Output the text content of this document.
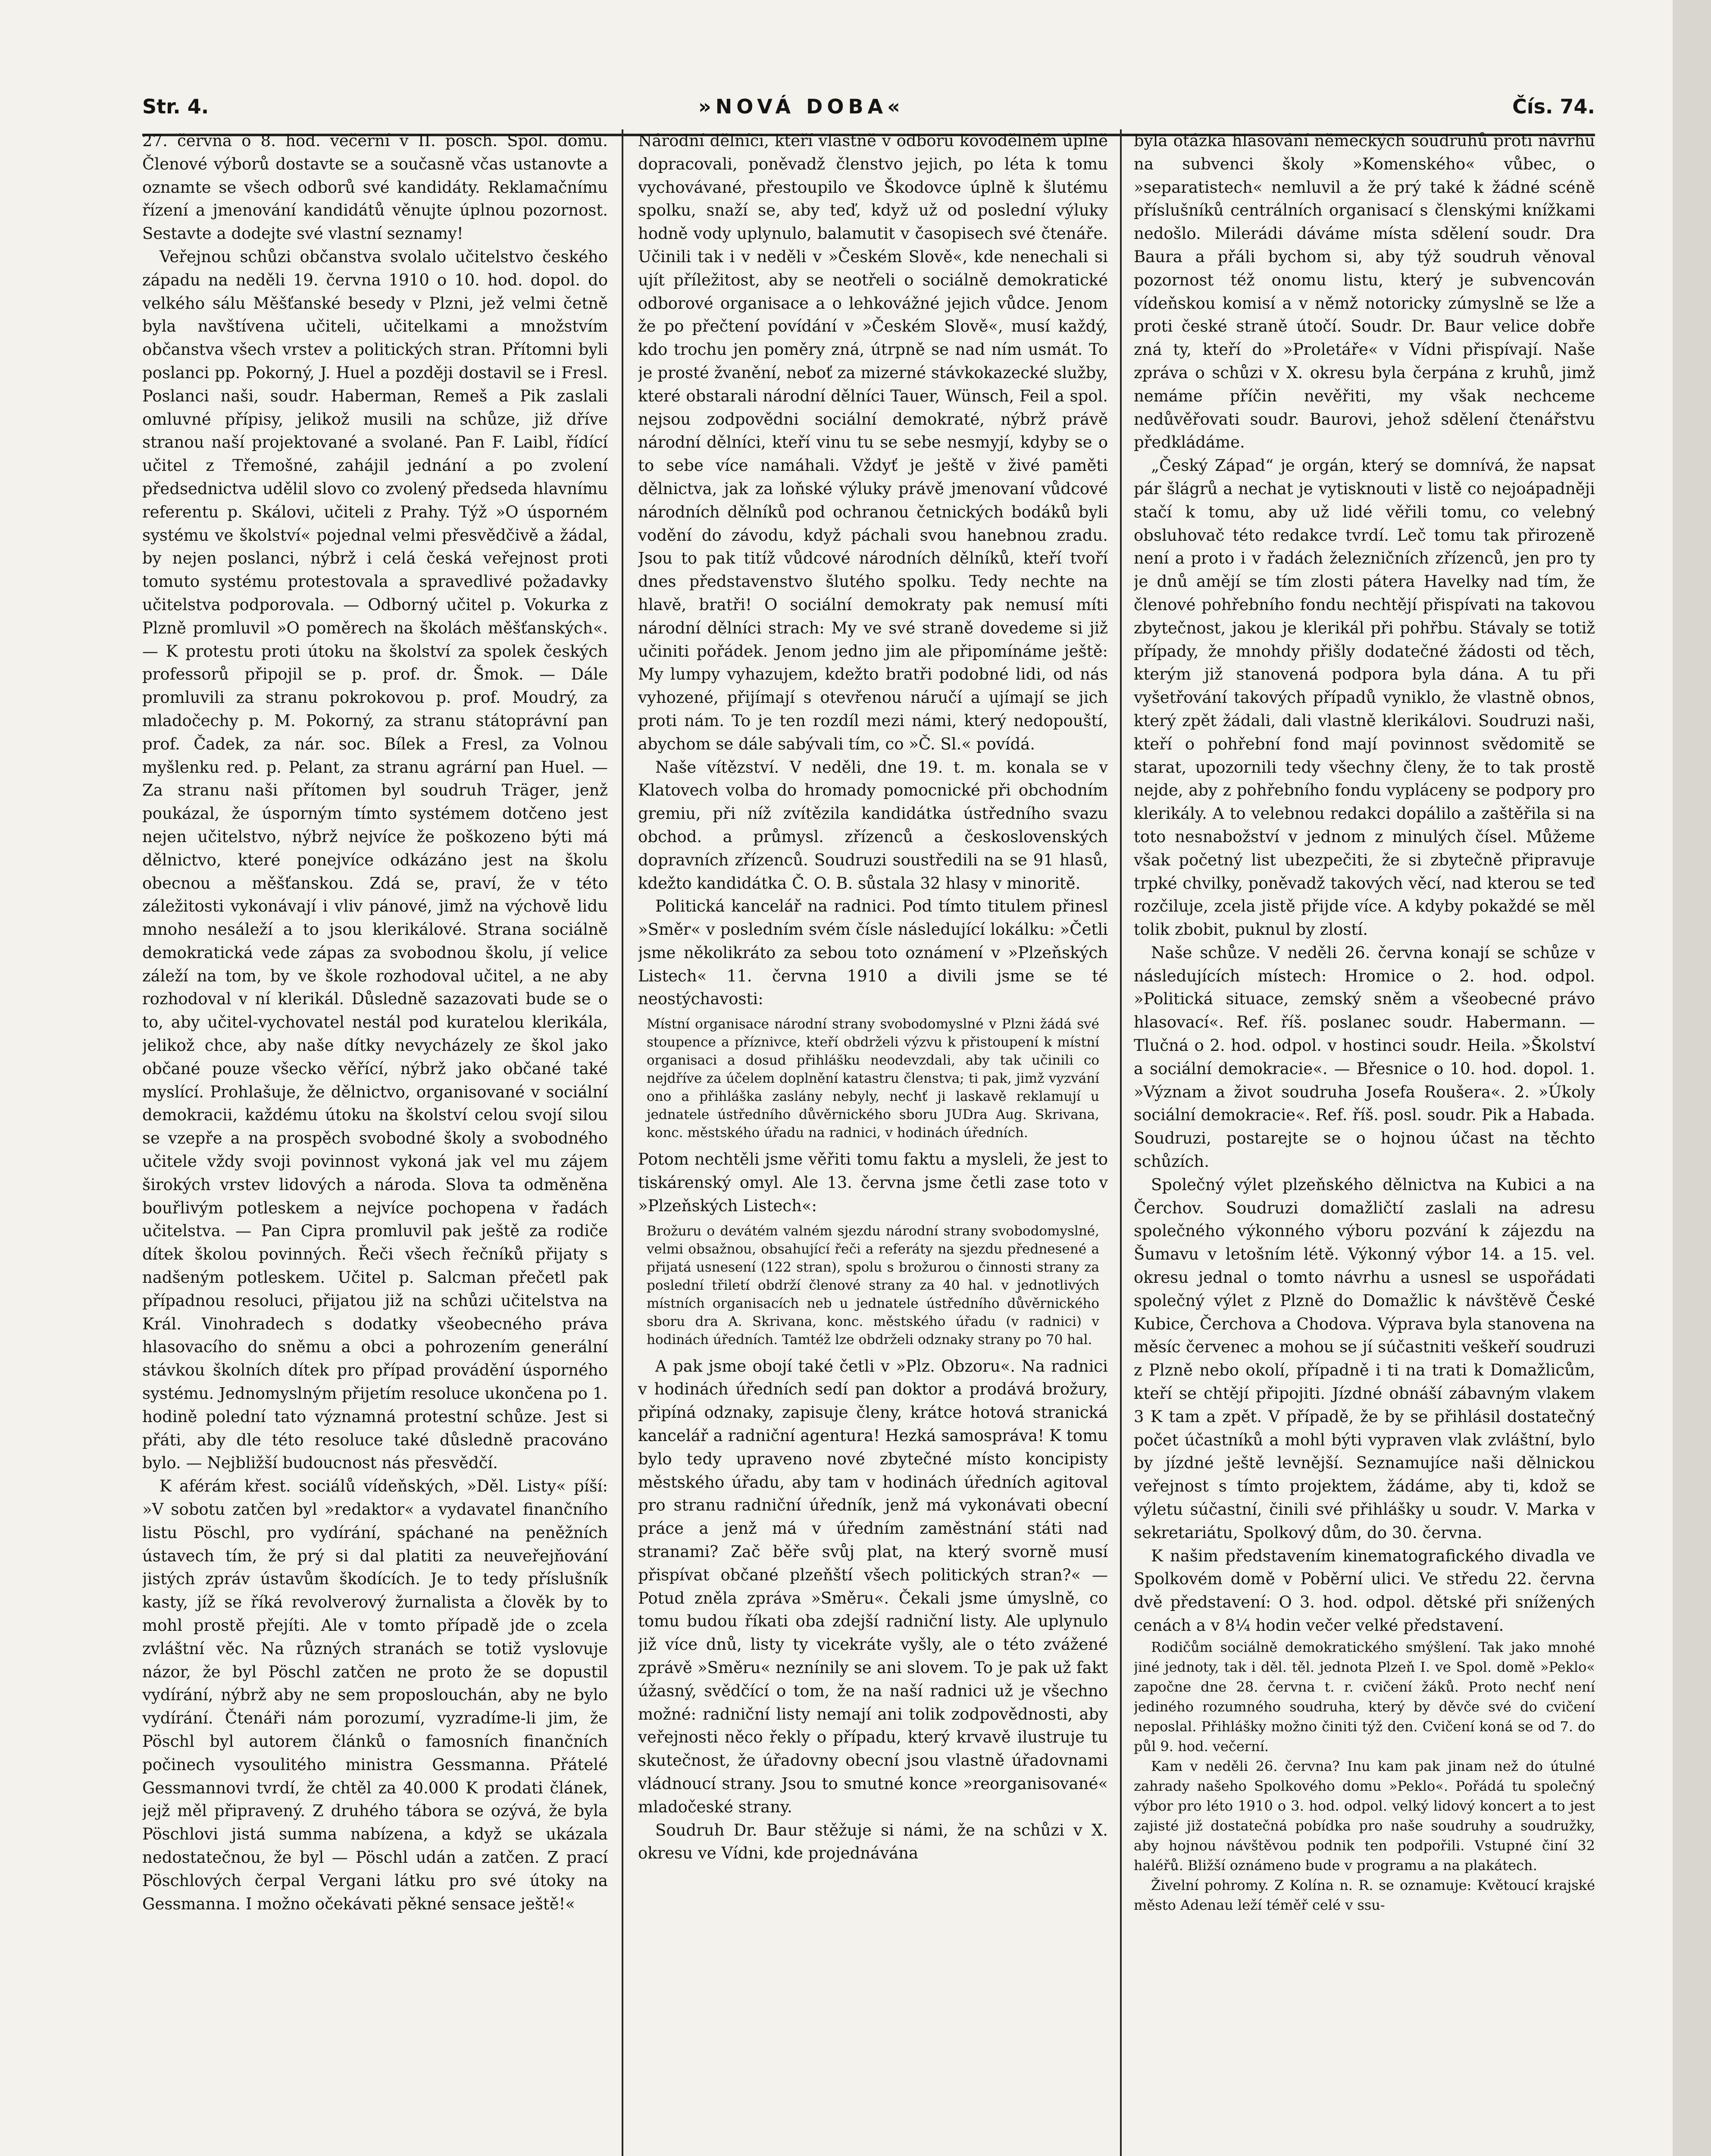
Str. 4.	»NOVÁ DOBA«	Čís. 74.

27. června o 8. hod. večerní v II. posch. Spol. domu. Členové výborů dostavte se a současně včas ustanovte a oznamte se všech odborů své kandidáty. Reklamačnímu řízení a jmenování kandidátů věnujte úplnou pozornost. Sestavte a dodejte své vlastní seznamy!

Veřejnou schůzi občanstva svolalo učitelstvo českého západu na neděli 19. června 1910 o 10. hod. dopol. do velkého sálu Měšťanské besedy v Plzni, jež velmi četně byla navštívena učiteli, učitelkami a množstvím občanstva všech vrstev a politických stran. Přítomni byli poslanci pp. Pokorný, J. Huel a později dostavil se i Fresl. Poslanci naši, soudr. Haberman, Remeš a Pik zaslali omluvné přípisy, jelikož musili na schůze, již dříve stranou naší projektované a svolané. Pan F. Laibl, řídící učitel z Třemošné, zahájil jednání a po zvolení předsednictva udělil slovo co zvolený předseda hlavnímu referentu p. Skálovi, učiteli z Prahy. Týž »O úsporném systému ve školství« pojednal velmi přesvědčivě a žádal, by nejen poslanci, nýbrž i celá česká veřejnost proti tomuto systému protestovala a spravedlivé požadavky učitelstva podporovala. — Odborný učitel p. Vokurka z Plzně promluvil »O poměrech na školách měšťanských«. — K protestu proti útoku na školství za spolek českých professorů připojil se p. prof. dr. Šmok. — Dále promluvili za stranu pokrokovou p. prof. Moudrý, za mladočechy p. M. Pokorný, za stranu státoprávní pan prof. Čadek, za nár. soc. Bílek a Fresl, za Volnou myšlenku red. p. Pelant, za stranu agrární pan Huel. — Za stranu naši přítomen byl soudruh Träger, jenž poukázal, že úsporným tímto systémem dotčeno jest nejen učitelstvo, nýbrž nejvíce že poškozeno býti má dělnictvo, které ponejvíce odkázáno jest na školu obecnou a měšťanskou. Zdá se, praví, že v této záležitosti vykonávají i vliv pánové, jimž na výchově lidu mnoho nesáleží a to jsou klerikálové. Strana sociálně demokratická vede zápas za svobodnou školu, jí velice záleží na tom, by ve škole rozhodoval učitel, a ne aby rozhodoval v ní klerikál. Důsledně sazazovati bude se o to, aby učitel-vychovatel nestál pod kuratelou klerikála, jelikož chce, aby naše dítky nevycházely ze škol jako občané pouze všecko věřící, nýbrž jako občané také myslící. Prohlašuje, že dělnictvo, organisované v sociální demokracii, každému útoku na školství celou svojí silou se vzepře a na prospěch svobodné školy a svobodného učitele vždy svoji povinnost vykoná jak vel mu zájem širokých vrstev lidových a národa. Slova ta odměněna bouřlivým potleskem a nejvíce pochopena v řadách učitelstva. — Pan Cipra promluvil pak ještě za rodiče dítek školou povinných. Řeči všech řečníků přijaty s nadšeným potleskem. Učitel p. Salcman přečetl pak případnou resoluci, přijatou již na schůzi učitelstva na Král. Vinohradech s dodatky všeobecného práva hlasovacího do sněmu a obci a pohrozením generální stávkou školních dítek pro případ provádění úsporného systému. Jednomyslným přijetím resoluce ukončena po 1. hodině polední tato významná protestní schůze. Jest si přáti, aby dle této resoluce také důsledně pracováno bylo. — Nejbližší budoucnost nás přesvědčí.

K aférám křest. sociálů vídeňských, »Děl. Listy« píší: »V sobotu zatčen byl »redaktor« a vydavatel finančního listu Pöschl, pro vydírání, spáchané na peněžních ústavech tím, že prý si dal platiti za neuveřejňování jistých zpráv ústavům škodících. Je to tedy příslušník kasty, jíž se říká revolverový žurnalista a člověk by to mohl prostě přejíti. Ale v tomto případě jde o zcela zvláštní věc. Na různých stranách se totiž vyslovuje názor, že byl Pöschl zatčen ne proto že se dopustil vydírání, nýbrž aby ne sem proposlouchán, aby ne bylo vydírání. Čtenáři nám porozumí, vyzradíme-li jim, že Pöschl byl autorem článků o famosních finančních počinech vysoulitého ministra Gessmanna. Přátelé Gessmannovi tvrdí, že chtěl za 40.000 K prodati článek, jejž měl připravený. Z druhého tábora se ozývá, že byla Pöschlovi jistá summa nabízena, a když se ukázala nedostatečnou, že byl — Pöschl udán a zatčen. Z prací Pöschlových čerpal Vergani látku pro své útoky na Gessmanna. I možno očekávati pěkné sensace ještě!«

Národní dělníci, kteří vlastně v odboru kovodělném úplně dopracovali, poněvadž členstvo jejich, po léta k tomu vychovávané, přestoupilo ve Škodovce úplně k šlutému spolku, snaží se, aby teď, když už od poslední výluky hodně vody uplynulo, balamutit v časopisech své čtenáře. Učinili tak i v neděli v »Českém Slově«, kde nenechali si ujít příležitost, aby se neotřeli o sociálně demokratické odborové organisace a o lehkovážné jejich vůdce. Jenom že po přečtení povídání v »Českém Slově«, musí každý, kdo trochu jen poměry zná, útrpně se nad ním usmát. To je prosté žvanění, neboť za mizerné stávkokazecké služby, které obstarali národní dělníci Tauer, Wünsch, Feil a spol. nejsou zodpovědni sociální demokraté, nýbrž právě národní dělníci, kteří vinu tu se sebe nesmyjí, kdyby se o to sebe více namáhali. Vždyť je ještě v živé paměti dělnictva, jak za loňské výluky právě jmenovaní vůdcové národních dělníků pod ochranou četnických bodáků byli vodění do závodu, když páchali svou hanebnou zradu. Jsou to pak titíž vůdcové národních dělníků, kteří tvoří dnes představenstvo šlutého spolku. Tedy nechte na hlavě, bratři! O sociální demokraty pak nemusí míti národní dělníci strach: My ve své straně dovedeme si již učiniti pořádek. Jenom jedno jim ale připomínáme ještě: My lumpy vyhazujem, kdežto bratři podobné lidi, od nás vyhozené, přijímají s otevřenou náručí a ujímají se jich proti nám. To je ten rozdíl mezi námi, který nedopouští, abychom se dále sabývali tím, co »Č. Sl.« povídá.

Naše vítězství. V neděli, dne 19. t. m. konala se v Klatovech volba do hromady pomocnické při obchodním gremiu, při níž zvítězila kandidátka ústředního svazu obchod. a průmysl. zřízenců a československých dopravních zřízenců. Soudruzi soustředili na se 91 hlasů, kdežto kandidátka Č. O. B. sůstala 32 hlasy v minoritě.

Politická kancelář na radnici. Pod tímto titulem přinesl »Směr« v posledním svém čísle následující lokálku: »Četli jsme několikráto za sebou toto oznámení v »Plzeňských Listech« 11. června 1910 a divili jsme se té neostýchavosti:

Místní organisace národní strany svobodomyslné v Plzni žádá své stoupence a příznivce, kteří obdrželi výzvu k přistoupení k místní organisaci a dosud přihlášku neodevzdali, aby tak učinili co nejdříve za účelem doplnění katastru členstva; ti pak, jimž vyzvání ono a přihláška zaslány nebyly, nechť ji laskavě reklamují u jednatele ústředního důvěrnického sboru JUDra Aug. Skrivana, konc. městského úřadu na radnici, v hodinách úředních.

Potom nechtěli jsme věřiti tomu faktu a mysleli, že jest to tiskárenský omyl. Ale 13. června jsme četli zase toto v »Plzeňských Listech«:

Brožuru o devátém valném sjezdu národní strany svobodomyslné, velmi obsažnou, obsahující řeči a referáty na sjezdu přednesené a přijatá usnesení (122 stran), spolu s brožurou o činnosti strany za poslední třiletí obdrží členové strany za 40 hal. v jednotlivých místních organisacích neb u jednatele ústředního důvěrnického sboru dra A. Skrivana, konc. městského úřadu (v radnici) v hodinách úředních. Tamtéž lze obdrželi odznaky strany po 70 hal.

A pak jsme obojí také četli v »Plz. Obzoru«. Na radnici v hodinách úředních sedí pan doktor a prodává brožury, připíná odznaky, zapisuje členy, krátce hotová stranická kancelář a radniční agentura! Hezká samospráva! K tomu bylo tedy upraveno nové zbytečné místo koncipisty městského úřadu, aby tam v hodinách úředních agitoval pro stranu radniční úředník, jenž má vykonávati obecní práce a jenž má v úředním zaměstnání státi nad stranami? Zač běře svůj plat, na který svorně musí přispívat občané plzeňští všech politických stran?« — Potud zněla zpráva »Směru«. Čekali jsme úmyslně, co tomu budou říkati oba zdejší radniční listy. Ale uplynulo již více dnů, listy ty vicekráte vyšly, ale o této zvážené zprávě »Směru« neznínily se ani slovem. To je pak už fakt úžasný, svědčící o tom, že na naší radnici už je všechno možné: radniční listy nemají ani tolik zodpovědnosti, aby veřejnosti něco řekly o případu, který krvavě ilustruje tu skutečnost, že úřadovny obecní jsou vlastně úřadovnami vládnoucí strany. Jsou to smutné konce »reorganisované« mladočeské strany.

Soudruh Dr. Baur stěžuje si námi, že na schůzi v X. okresu ve Vídni, kde projednávána

byla otázka hlasování německých soudruhů proti návrhu na subvenci školy »Komenského« vůbec, o »separatistech« nemluvil a že prý také k žádné scéně příslušníků centrálních organisací s členskými knížkami nedošlo. Milerádi dáváme místa sdělení soudr. Dra Baura a přáli bychom si, aby týž soudruh věnoval pozornost též onomu listu, který je subvencován vídeňskou komisí a v němž notoricky zúmyslně se lže a proti české straně útočí. Soudr. Dr. Baur velice dobře zná ty, kteří do »Proletáře« v Vídni přispívají. Naše zpráva o schůzi v X. okresu byla čerpána z kruhů, jimž nemáme příčin nevěřiti, my však nechceme nedůvěřovati soudr. Baurovi, jehož sdělení čtenářstvu předkládáme.

„Český Západ“ je orgán, který se domnívá, že napsat pár šlágrů a nechat je vytisknouti v listě co nejoápadněji stačí k tomu, aby už lidé věřili tomu, co velebný obsluhovač této redakce tvrdí. Leč tomu tak přirozeně není a proto i v řadách železničních zřízenců, jen pro ty je dnů amějí se tím zlosti pátera Havelky nad tím, že členové pohřebního fondu nechtějí přispívati na takovou zbytečnost, jakou je klerikál při pohřbu. Stávaly se totiž případy, že mnohdy přišly dodatečné žádosti od těch, kterým již stanovená podpora byla dána. A tu při vyšetřování takových případů vyniklo, že vlastně obnos, který zpět žádali, dali vlastně klerikálovi. Soudruzi naši, kteří o pohřební fond mají povinnost svědomitě se starat, upozornili tedy všechny členy, že to tak prostě nejde, aby z pohřebního fondu vypláceny se podpory pro klerikály. A to velebnou redakci dopálilo a zaštěřila si na toto nesnabožství v jednom z minulých čísel. Můžeme však početný list ubezpečiti, že si zbytečně připravuje trpké chvilky, poněvadž takových věcí, nad kterou se teď rozčiluje, zcela jistě přijde více. A kdyby pokaždé se měl tolik zbobit, puknul by zlostí.

Naše schůze. V neděli 26. června konají se schůze v následujících místech: Hromice o 2. hod. odpol. »Politická situace, zemský sněm a všeobecné právo hlasovací«. Ref. říš. poslanec soudr. Habermann. — Tlučná o 2. hod. odpol. v hostinci soudr. Heila. »Školství a sociální demokracie«. — Břesnice o 10. hod. dopol. 1. »Význam a život soudruha Josefa Roušera«. 2. »Úkoly sociální demokracie«. Ref. říš. posl. soudr. Pik a Habada. Soudruzi, postarejte se o hojnou účast na těchto schůzích.

Společný výlet plzeňského dělnictva na Kubici a na Čerchov. Soudruzi domažličtí zaslali na adresu společného výkonného výboru pozvání k zájezdu na Šumavu v letošním létě. Výkonný výbor 14. a 15. vel. okresu jednal o tomto návrhu a usnesl se uspořádati společný výlet z Plzně do Domažlic k návštěvě České Kubice, Čerchova a Chodova. Výprava byla stanovena na měsíc červenec a mohou se jí súčastniti veškeří soudruzi z Plzně nebo okolí, případně i ti na trati k Domažlicům, kteří se chtějí připojiti. Jízdné obnáší zábavným vlakem 3 K tam a zpět. V případě, že by se přihlásil dostatečný počet účastníků a mohl býti vypraven vlak zvláštní, bylo by jízdné ještě levnější. Seznamujíce naši dělnickou veřejnost s tímto projektem, žádáme, aby ti, kdož se výletu súčastní, činili své přihlášky u soudr. V. Marka v sekretariátu, Spolkový dům, do 30. června.

K našim představením kinematografického divadla ve Spolkovém domě v Poběrní ulici. Ve středu 22. června dvě představení: O 3. hod. odpol. dětské při snížených cenách a v 8¼ hodin večer velké představení.

Rodičům sociálně demokratického smýšlení. Tak jako mnohé jiné jednoty, tak i děl. těl. jednota Plzeň I. ve Spol. domě »Peklo« započne dne 28. června t. r. cvičení žáků. Proto nechť není jediného rozumného soudruha, který by děvče své do cvičení neposlal. Přihlášky možno činiti týž den. Cvičení koná se od 7. do půl 9. hod. večerní.

Kam v neděli 26. června? Inu kam pak jinam než do útulné zahrady našeho Spolkového domu »Peklo«. Pořádá tu společný výbor pro léto 1910 o 3. hod. odpol. velký lidový koncert a to jest zajisté již dostatečná pobídka pro naše soudruhy a soudružky, aby hojnou návštěvou podnik ten podpořili. Vstupné činí 32 haléřů. Bližší oznámeno bude v programu a na plakátech.

Živelní pohromy. Z Kolína n. R. se oznamuje: Květoucí krajské město Adenau leží téměř celé v ssu-
